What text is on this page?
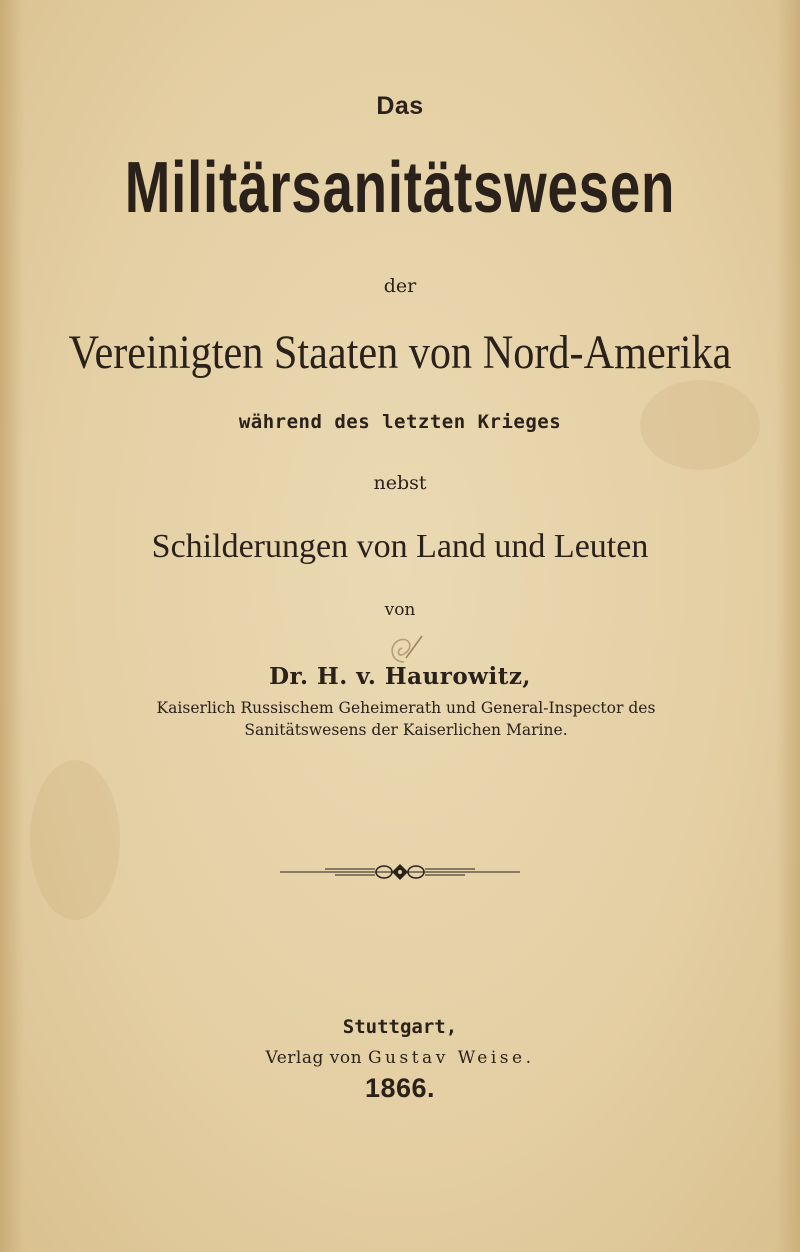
Das

Militärsanitätswesen

der

Vereinigten Staaten von Nord-Amerika

während des letzten Krieges

nebst

Schilderungen von Land und Leuten

von

Dr. H. v. Haurowitz,

Kaiserlich Russischem Geheimerath und General-Inspector des Sanitätswesens der Kaiserlichen Marine.

Stuttgart,

Verlag von Gustav Weise.

1866.
